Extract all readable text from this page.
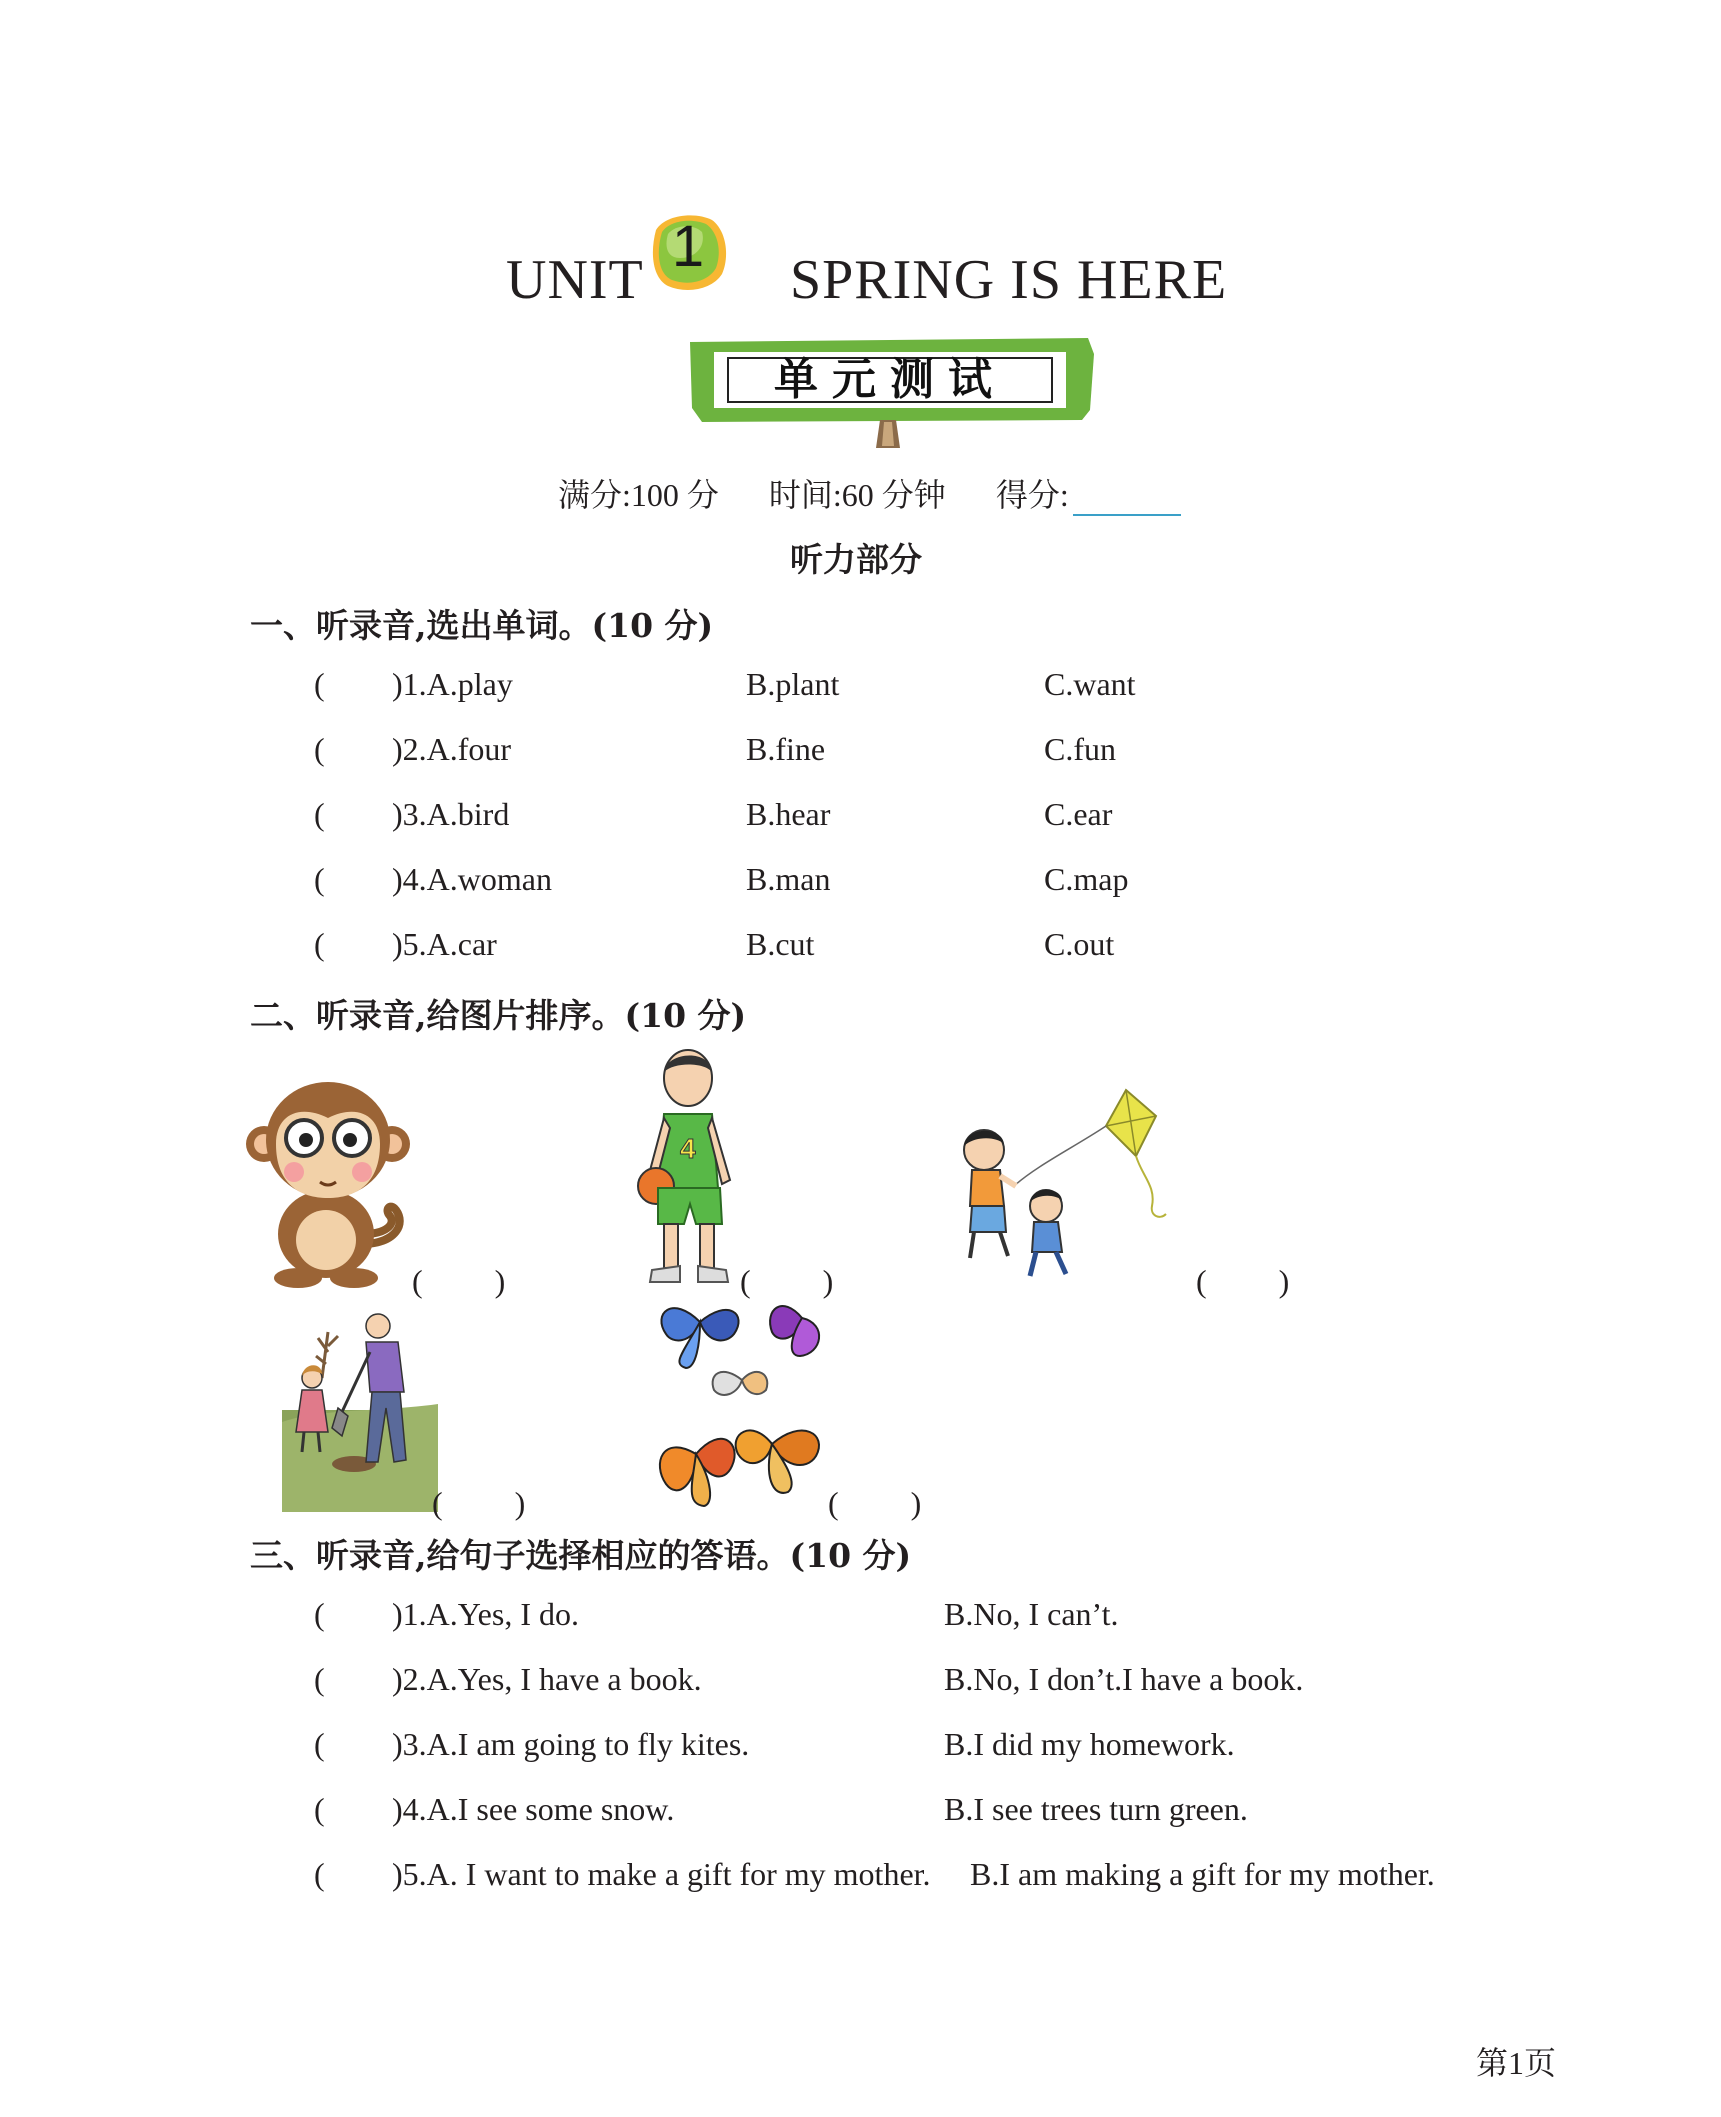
UNIT
1
SPRING IS HERE
单元测试
满分:100 分 时间:60 分钟 得分:
听力部分
一、听录音,选出单词。(10 分)
( )1.A.play	B.plant	C.want
( )2.A.four	B.fine	C.fun
( )3.A.bird	B.hear	C.ear
( )4.A.woman	B.man	C.map
( )5.A.car	B.cut	C.out
二、听录音,给图片排序。(10 分)
(　 　)
4
(　 　)	(　 　)
(　 　)	(　 　)
三、听录音,给句子选择相应的答语。(10 分)
( )1.A.Yes, I do.	B.No, I can’t.
( )2.A.Yes, I have a book.	B.No, I don’t.I have a book.
( )3.A.I am going to fly kites.	B.I did my homework.
( )4.A.I see some snow.	B.I see trees turn green.
( )5.A. I want to make a gift for my mother. B.I am making a gift for my mother.
第1页
